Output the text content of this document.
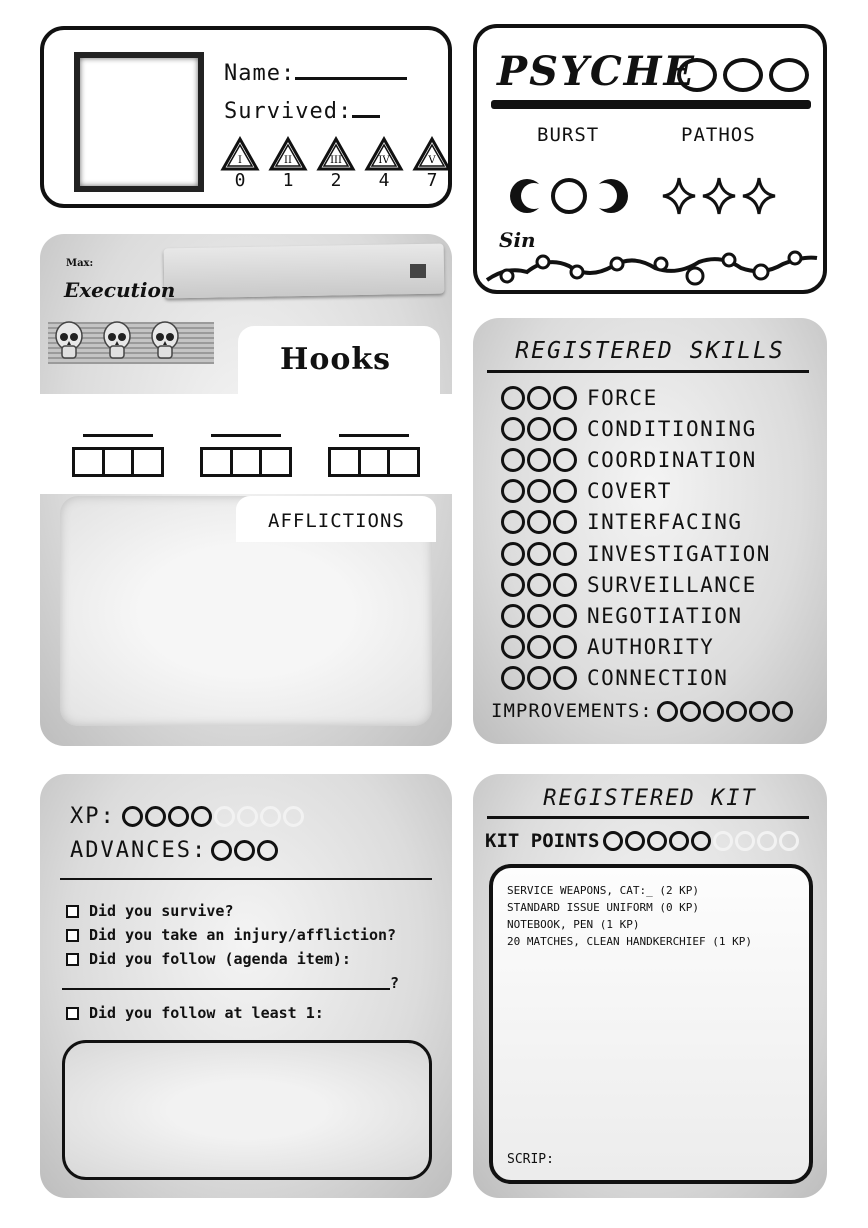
Name:
Survived:
I
0
II
1
III
2
IV
4
V
7
PSYCHE
BURST	PATHOS
Sin
Max:
Execution
Hooks
AFFLICTIONS
REGISTERED SKILLS
FORCE
CONDITIONING
COORDINATION
COVERT
INTERFACING
INVESTIGATION
SURVEILLANCE
NEGOTIATION
AUTHORITY
CONNECTION
IMPROVEMENTS:
XP:
ADVANCES:
Did you survive?
Did you take an injury/affliction?
Did you follow (agenda item):
?
Did you follow at least 1:
REGISTERED KIT
KIT POINTS
SERVICE WEAPONS, CAT:_ (2 KP)
STANDARD ISSUE UNIFORM (0 KP)
NOTEBOOK, PEN (1 KP)
20 MATCHES, CLEAN HANDKERCHIEF (1 KP)
SCRIP:
